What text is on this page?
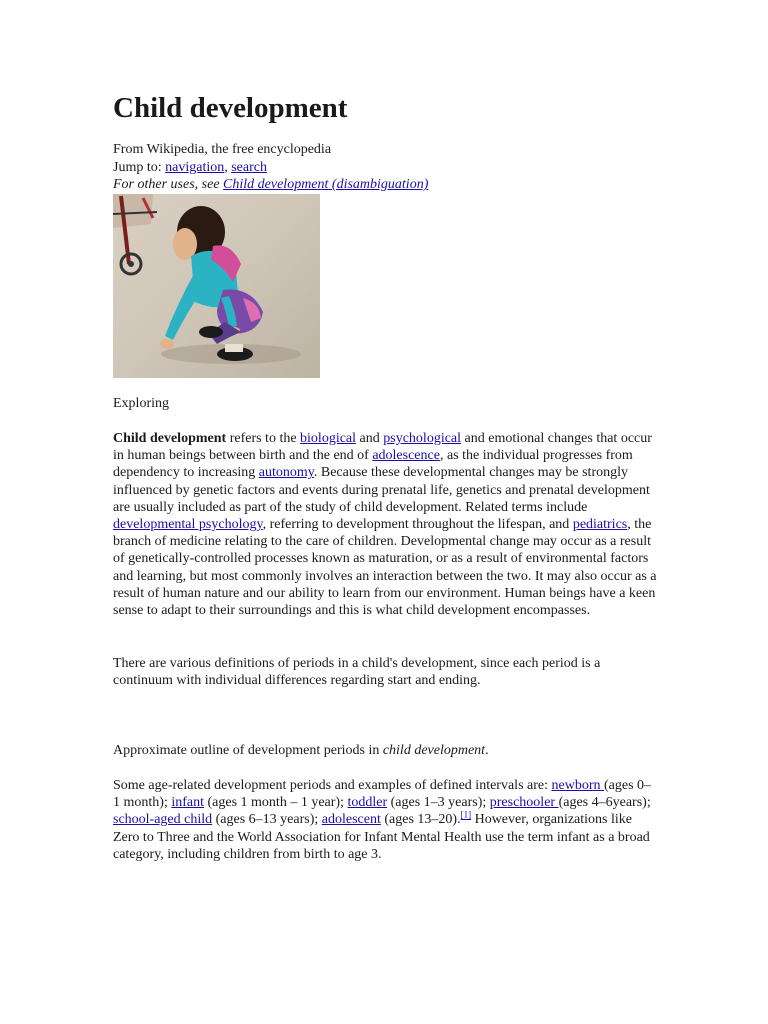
Child development
From Wikipedia, the free encyclopedia
Jump to: navigation, search
For other uses, see Child development (disambiguation)
Exploring

Child development refers to the biological and psychological and emotional changes that occur in human beings between birth and the end of adolescence, as the individual progresses from dependency to increasing autonomy. Because these developmental changes may be strongly influenced by genetic factors and events during prenatal life, genetics and prenatal development are usually included as part of the study of child development. Related terms include developmental psychology, referring to development throughout the lifespan, and pediatrics, the branch of medicine relating to the care of children. Developmental change may occur as a result of genetically-controlled processes known as maturation, or as a result of environmental factors and learning, but most commonly involves an interaction between the two. It may also occur as a result of human nature and our ability to learn from our environment. Human beings have a keen sense to adapt to their surroundings and this is what child development encompasses.

There are various definitions of periods in a child's development, since each period is a continuum with individual differences regarding start and ending.

Approximate outline of development periods in child development.

Some age-related development periods and examples of defined intervals are: newborn (ages 0–1 month); infant (ages 1 month – 1 year); toddler (ages 1–3 years); preschooler (ages 4–6years); school-aged child (ages 6–13 years); adolescent (ages 13–20).[1] However, organizations like Zero to Three and the World Association for Infant Mental Health use the term infant as a broad category, including children from birth to age 3.
